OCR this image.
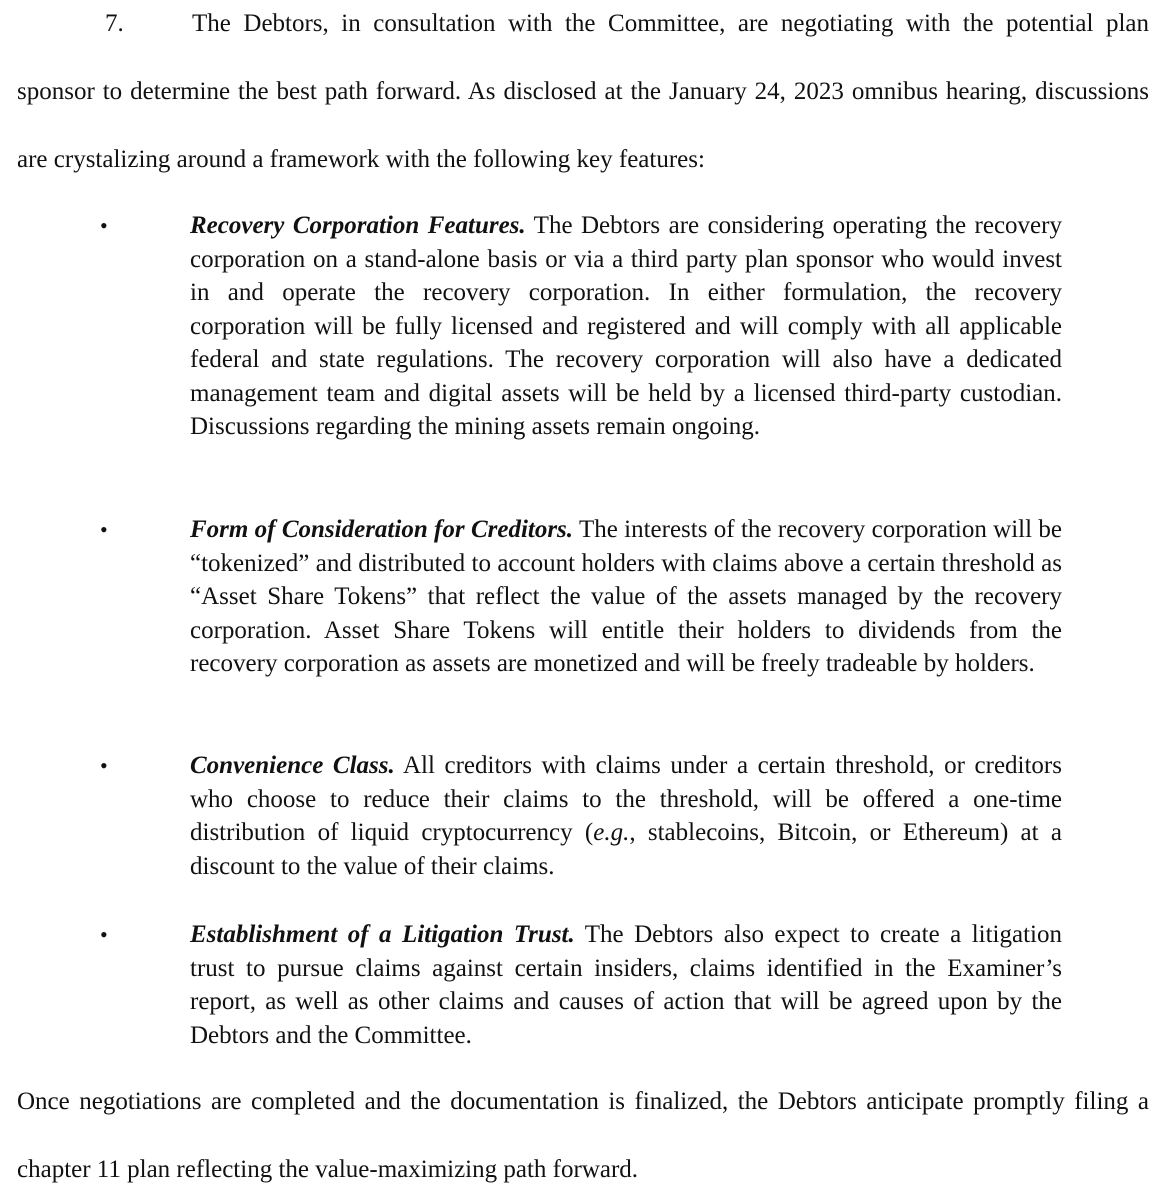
7.	The Debtors, in consultation with the Committee, are negotiating with the potential plan sponsor to determine the best path forward. As disclosed at the January 24, 2023 omnibus hearing, discussions are crystalizing around a framework with the following key features:

•	Recovery Corporation Features. The Debtors are considering operating the recovery corporation on a stand-alone basis or via a third party plan sponsor who would invest in and operate the recovery corporation. In either formulation, the recovery corporation will be fully licensed and registered and will comply with all applicable federal and state regulations. The recovery corporation will also have a dedicated management team and digital assets will be held by a licensed third-party custodian. Discussions regarding the mining assets remain ongoing.

•	Form of Consideration for Creditors. The interests of the recovery corporation will be “tokenized” and distributed to account holders with claims above a certain threshold as “Asset Share Tokens” that reflect the value of the assets managed by the recovery corporation. Asset Share Tokens will entitle their holders to dividends from the recovery corporation as assets are monetized and will be freely tradeable by holders.

•	Convenience Class. All creditors with claims under a certain threshold, or creditors who choose to reduce their claims to the threshold, will be offered a one-time distribution of liquid cryptocurrency (e.g., stablecoins, Bitcoin, or Ethereum) at a discount to the value of their claims.

•	Establishment of a Litigation Trust. The Debtors also expect to create a litigation trust to pursue claims against certain insiders, claims identified in the Examiner’s report, as well as other claims and causes of action that will be agreed upon by the Debtors and the Committee.

Once negotiations are completed and the documentation is finalized, the Debtors anticipate promptly filing a chapter 11 plan reflecting the value-maximizing path forward.
